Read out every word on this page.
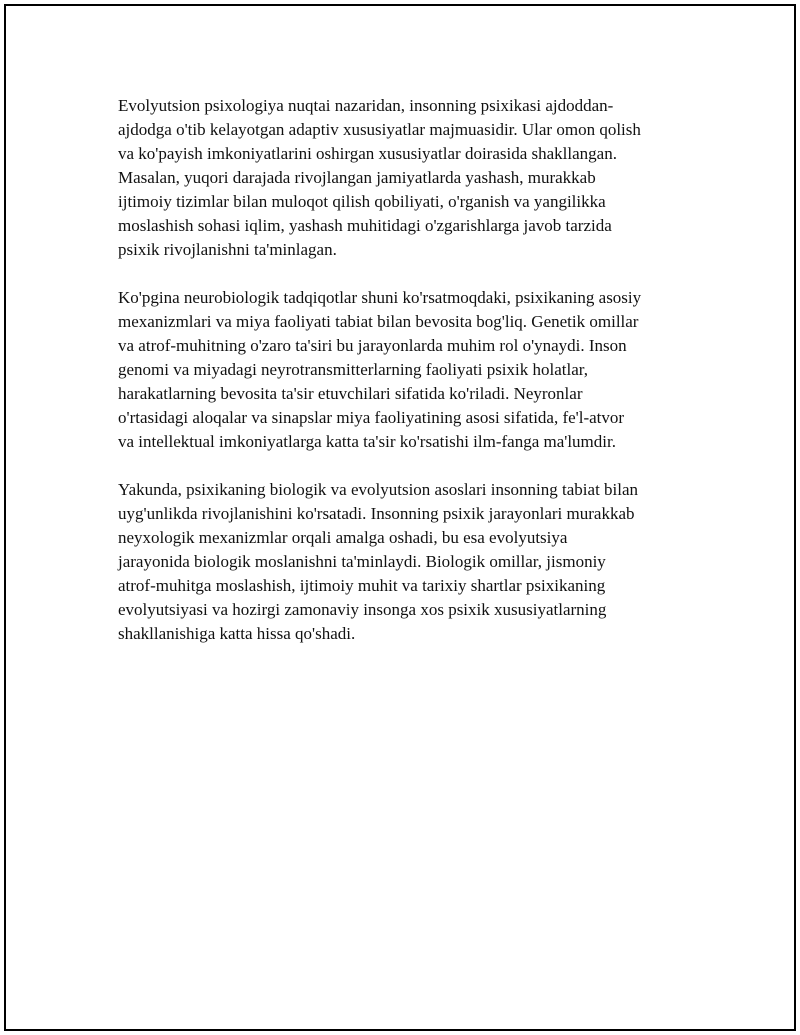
Evolyutsion psixologiya nuqtai nazaridan, insonning psixikasi ajdoddan-
ajdodga o'tib kelayotgan adaptiv xususiyatlar majmuasidir. Ular omon qolish
va ko'payish imkoniyatlarini oshirgan xususiyatlar doirasida shakllangan.
Masalan, yuqori darajada rivojlangan jamiyatlarda yashash, murakkab
ijtimoiy tizimlar bilan muloqot qilish qobiliyati, o'rganish va yangilikka
moslashish sohasi iqlim, yashash muhitidagi o'zgarishlarga javob tarzida
psixik rivojlanishni ta'minlagan.

Ko'pgina neurobiologik tadqiqotlar shuni ko'rsatmoqdaki, psixikaning asosiy
mexanizmlari va miya faoliyati tabiat bilan bevosita bog'liq. Genetik omillar
va atrof-muhitning o'zaro ta'siri bu jarayonlarda muhim rol o'ynaydi. Inson
genomi va miyadagi neyrotransmitterlarning faoliyati psixik holatlar,
harakatlarning bevosita ta'sir etuvchilari sifatida ko'riladi. Neyronlar
o'rtasidagi aloqalar va sinapslar miya faoliyatining asosi sifatida, fe'l-atvor
va intellektual imkoniyatlarga katta ta'sir ko'rsatishi ilm-fanga ma'lumdir.

Yakunda, psixikaning biologik va evolyutsion asoslari insonning tabiat bilan
uyg'unlikda rivojlanishini ko'rsatadi. Insonning psixik jarayonlari murakkab
neyxologik mexanizmlar orqali amalga oshadi, bu esa evolyutsiya
jarayonida biologik moslanishni ta'minlaydi. Biologik omillar, jismoniy
atrof-muhitga moslashish, ijtimoiy muhit va tarixiy shartlar psixikaning
evolyutsiyasi va hozirgi zamonaviy insonga xos psixik xususiyatlarning
shakllanishiga katta hissa qo'shadi.
